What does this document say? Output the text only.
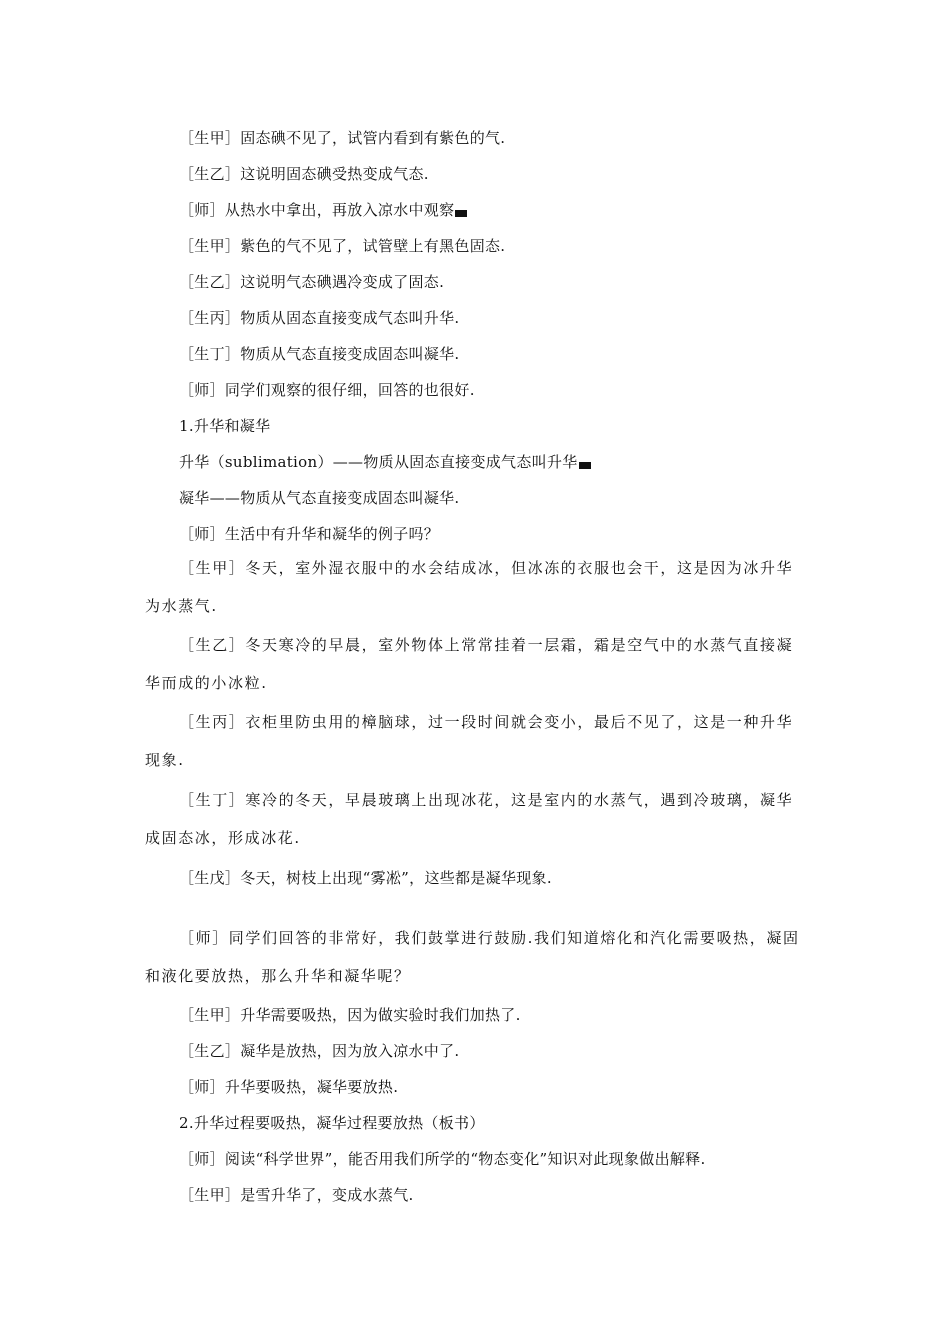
［生甲］固态碘不见了，试管内看到有紫色的气.
［生乙］这说明固态碘受热变成气态.
［师］从热水中拿出，再放入凉水中观察
［生甲］紫色的气不见了，试管壁上有黑色固态.
［生乙］这说明气态碘遇冷变成了固态.
［生丙］物质从固态直接变成气态叫升华.
［生丁］物质从气态直接变成固态叫凝华.
［师］同学们观察的很仔细，回答的也很好.
1.升华和凝华
升华（sublimation）——物质从固态直接变成气态叫升华
凝华——物质从气态直接变成固态叫凝华.
［师］生活中有升华和凝华的例子吗？
［生甲］冬天，室外湿衣服中的水会结成冰，但冰冻的衣服也会干，这是因为冰升华为水蒸气.
［生乙］冬天寒冷的早晨，室外物体上常常挂着一层霜，霜是空气中的水蒸气直接凝华而成的小冰粒.
［生丙］衣柜里防虫用的樟脑球，过一段时间就会变小，最后不见了，这是一种升华现象.
［生丁］寒冷的冬天，早晨玻璃上出现冰花，这是室内的水蒸气，遇到冷玻璃，凝华成固态冰，形成冰花.
［生戊］冬天，树枝上出现“雾凇”，这些都是凝华现象.
［师］同学们回答的非常好，我们鼓掌进行鼓励.我们知道熔化和汽化需要吸热，凝固和液化要放热，那么升华和凝华呢？
［生甲］升华需要吸热，因为做实验时我们加热了.
［生乙］凝华是放热，因为放入凉水中了.
［师］升华要吸热，凝华要放热.
2.升华过程要吸热，凝华过程要放热（板书）
［师］阅读“科学世界”，能否用我们所学的“物态变化”知识对此现象做出解释.
［生甲］是雪升华了，变成水蒸气.
